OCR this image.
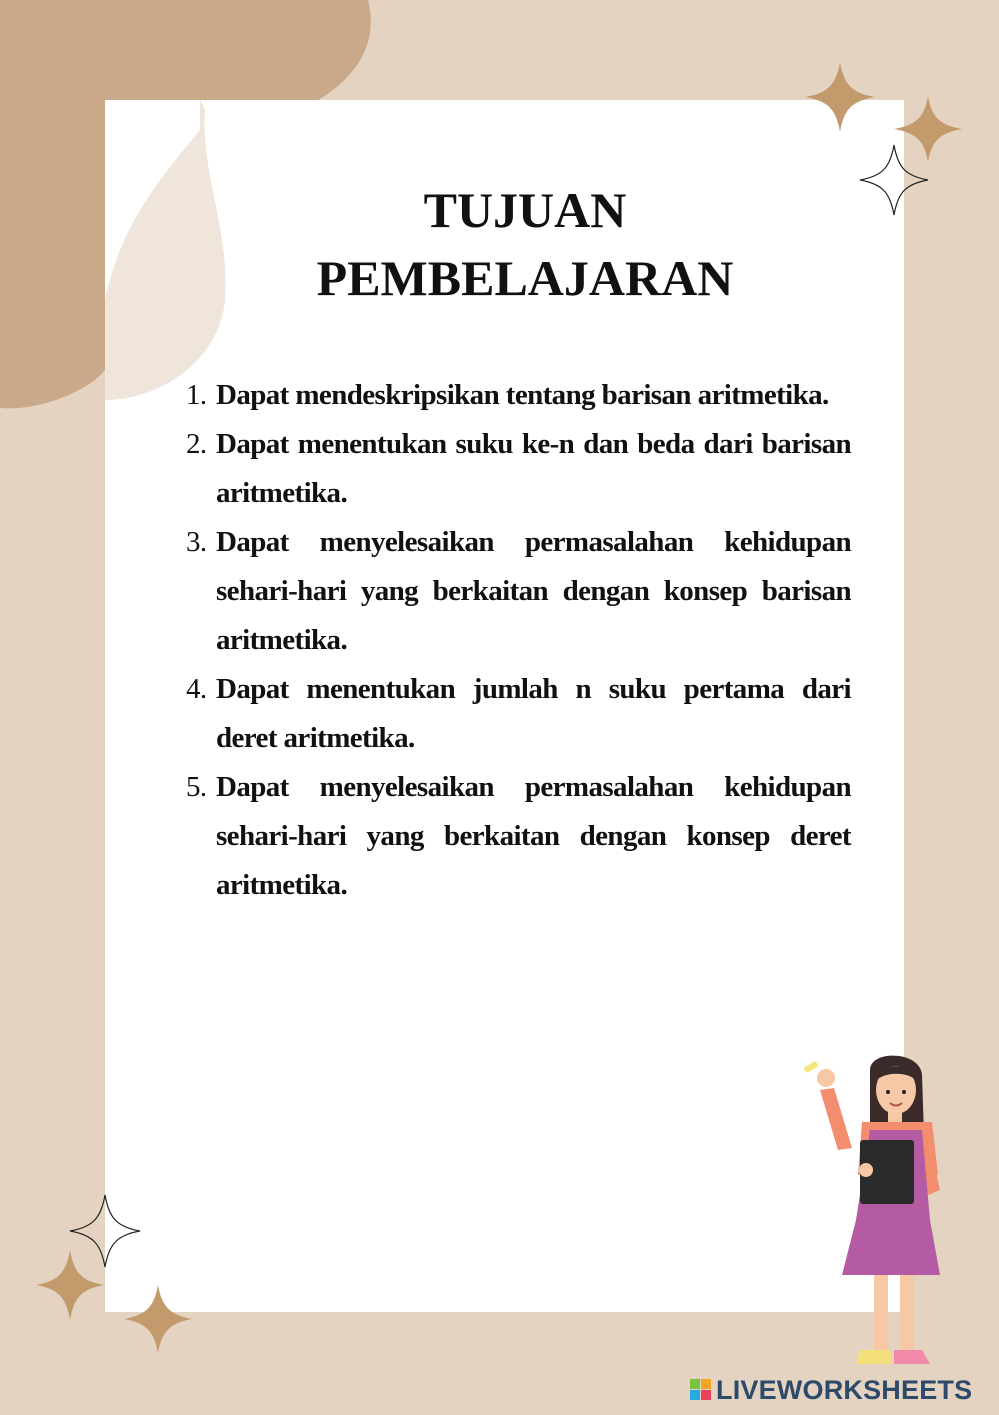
TUJUAN
PEMBELAJARAN
1. Dapat mendeskripsikan tentang barisan aritmetika.
2. Dapat menentukan suku ke-n dan beda dari barisan aritmetika.
3. Dapat menyelesaikan permasalahan kehidupan sehari-hari yang berkaitan dengan konsep barisan aritmetika.
4. Dapat menentukan jumlah n suku pertama dari deret aritmetika.
5. Dapat menyelesaikan permasalahan kehidupan sehari-hari yang berkaitan dengan konsep deret aritmetika.
LIVEWORKSHEETS
